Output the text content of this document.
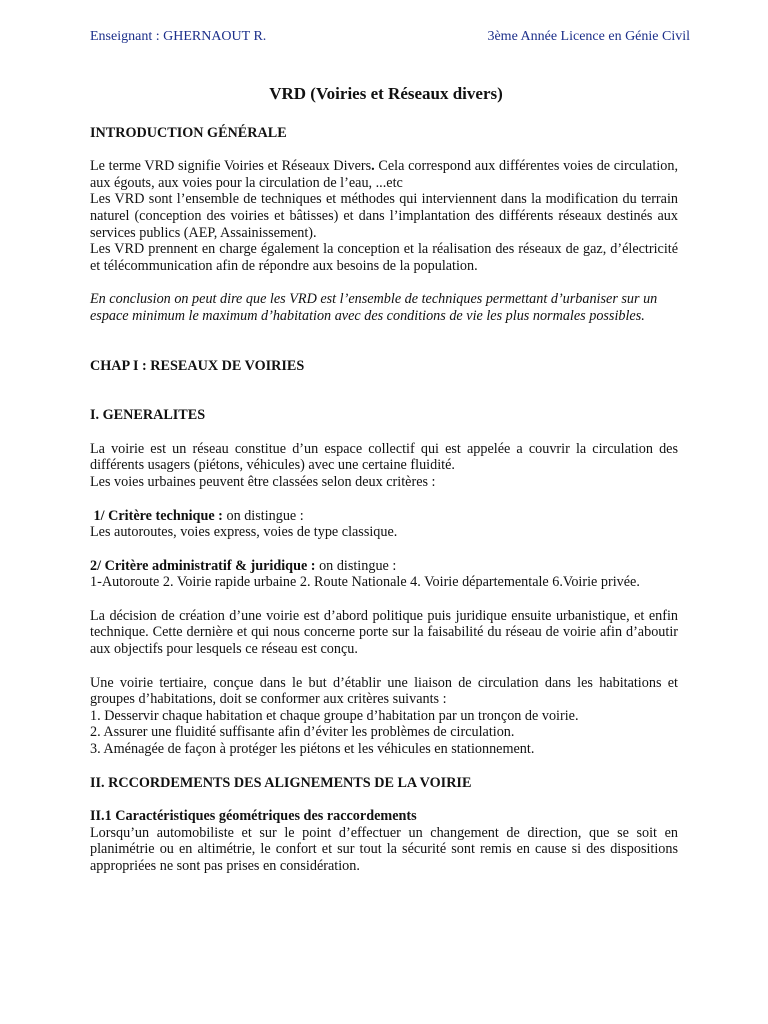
Enseignant : GHERNAOUT R.	3ème Année Licence en Génie Civil
VRD (Voiries et Réseaux divers)
INTRODUCTION GÉNÉRALE

Le terme VRD signifie Voiries et Réseaux Divers. Cela correspond aux différentes voies de circulation, aux égouts, aux voies pour la circulation de l’eau, ...etc

Les VRD sont l’ensemble de techniques et méthodes qui interviennent dans la modification du terrain naturel (conception des voiries et bâtisses) et dans l’implantation des différents réseaux destinés aux services publics (AEP, Assainissement).

Les VRD prennent en charge également la conception et la réalisation des réseaux de gaz, d’électricité et télécommunication afin de répondre aux besoins de la population.

En conclusion on peut dire que les VRD est l’ensemble de techniques permettant d’urbaniser sur un espace minimum le maximum d’habitation avec des conditions de vie les plus normales possibles.

CHAP I : RESEAUX DE VOIRIES
I. GENERALITES

La voirie est un réseau constitue d’un espace collectif qui est appelée a couvrir la circulation des différents usagers (piétons, véhicules) avec une certaine fluidité.

Les voies urbaines peuvent être classées selon deux critères :

1/ Critère technique : on distingue :

Les autoroutes, voies express, voies de type classique.

2/ Critère administratif & juridique : on distingue :

1-Autoroute 2. Voirie rapide urbaine 2. Route Nationale 4. Voirie départementale 6.Voirie privée.

La décision de création d’une voirie est d’abord politique puis juridique ensuite urbanistique, et enfin technique. Cette dernière et qui nous concerne porte sur la faisabilité du réseau de voirie afin d’aboutir aux objectifs pour lesquels ce réseau est conçu.

Une voirie tertiaire, conçue dans le but d’établir une liaison de circulation dans les habitations et groupes d’habitations, doit se conformer aux critères suivants :

1. Desservir chaque habitation et chaque groupe d’habitation par un tronçon de voirie.

2. Assurer une fluidité suffisante afin d’éviter les problèmes de circulation.

3. Aménagée de façon à protéger les piétons et les véhicules en stationnement.

II. RCCORDEMENTS DES ALIGNEMENTS DE LA VOIRIE
II.1 Caractéristiques géométriques des raccordements

Lorsqu’un automobiliste et sur le point d’effectuer un changement de direction, que se soit en planimétrie ou en altimétrie, le confort et sur tout la sécurité sont remis en cause si des dispositions appropriées ne sont pas prises en considération.
